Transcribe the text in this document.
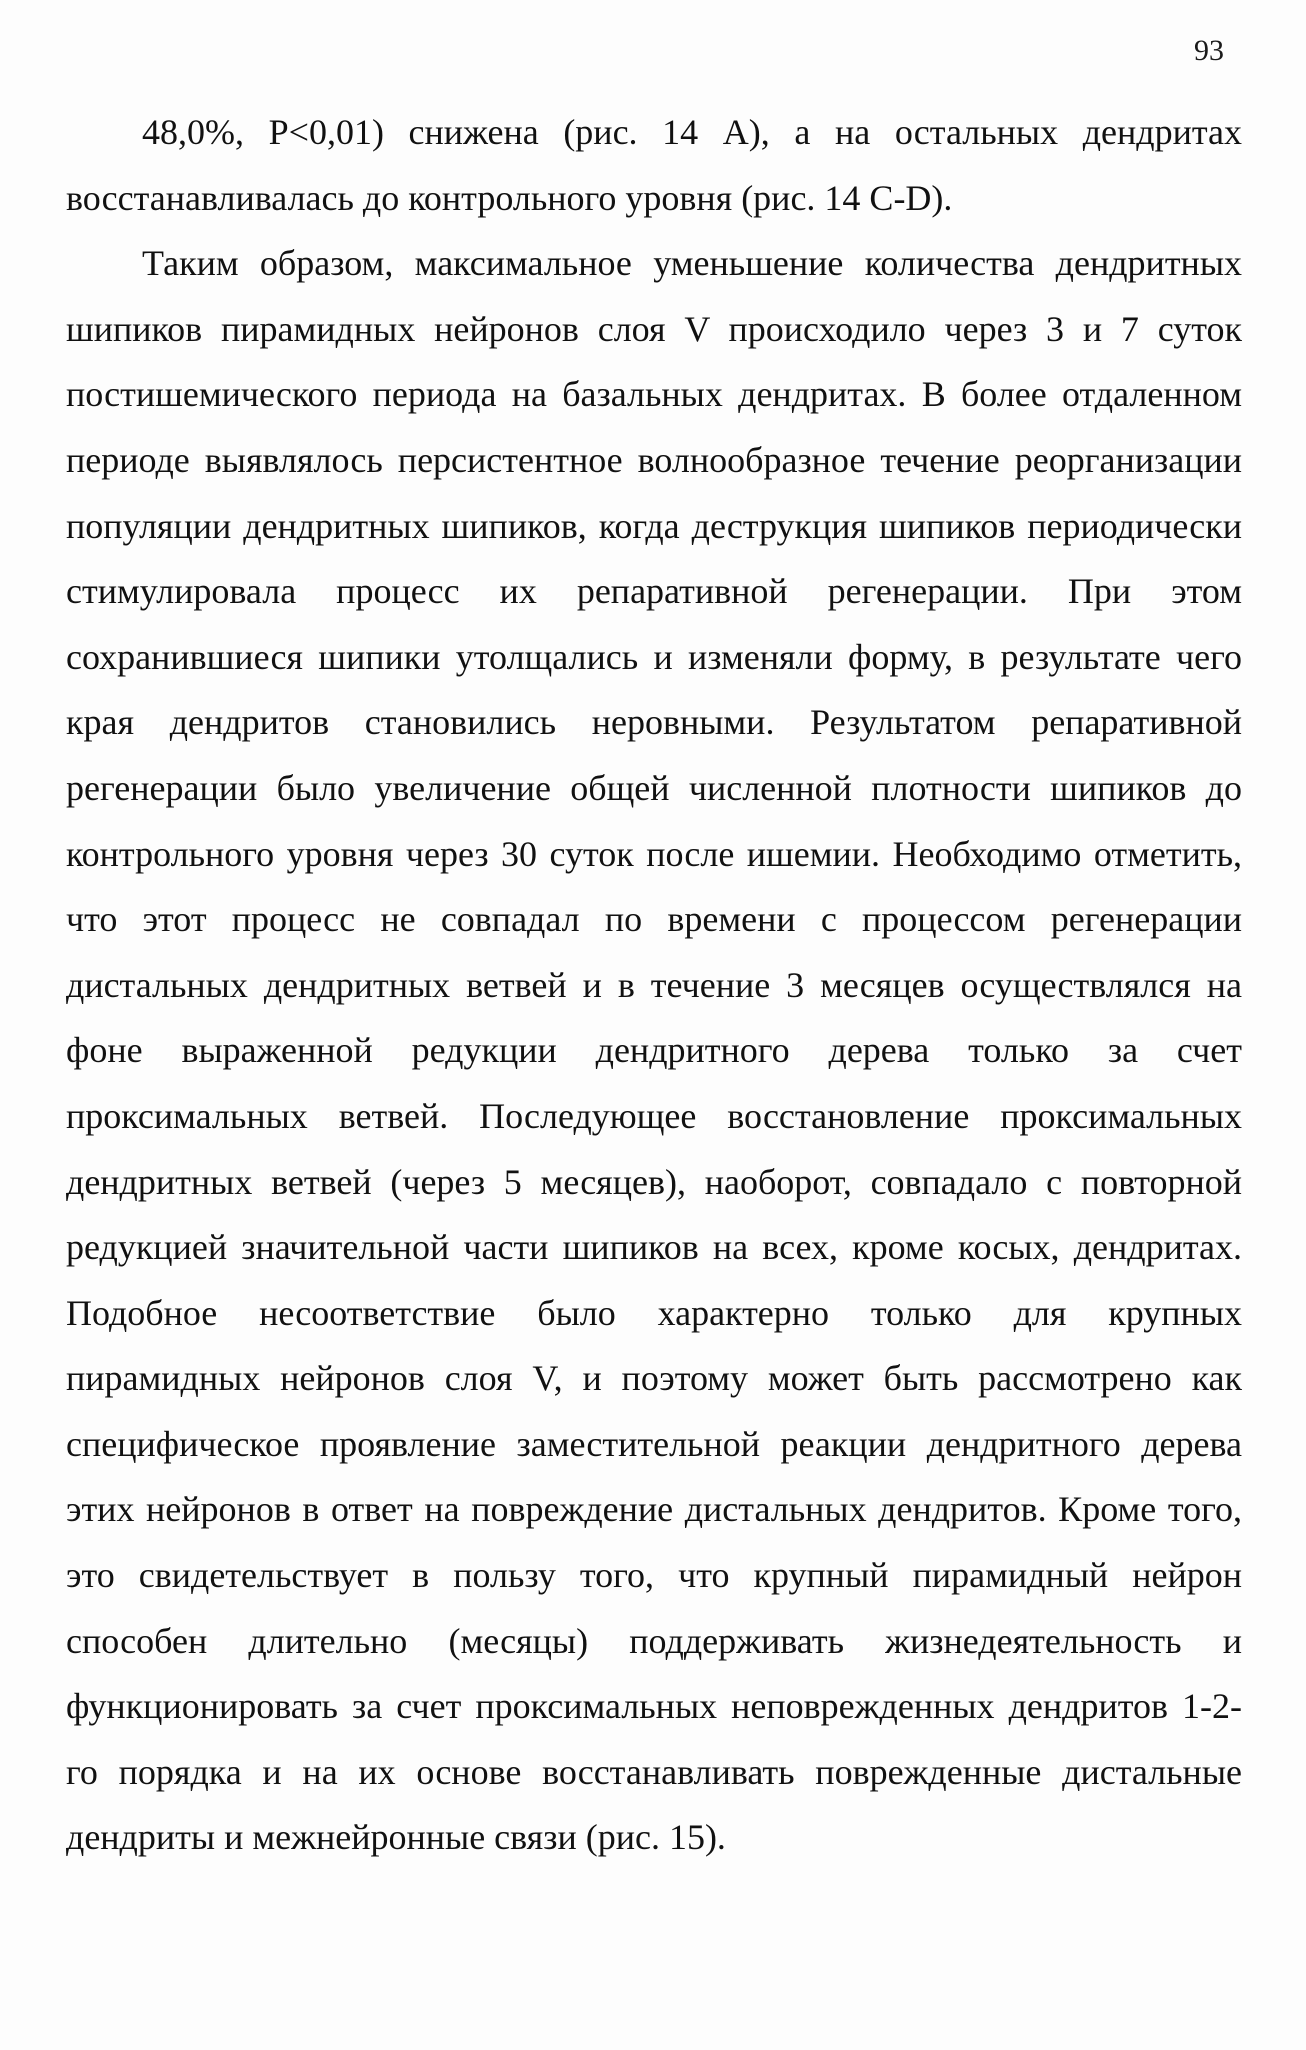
93

48,0%, P<0,01) снижена (рис. 14 А), а на остальных дендритах восстанавливалась до контрольного уровня (рис. 14 С-D).

Таким образом, максимальное уменьшение количества дендритных шипиков пирамидных нейронов слоя V происходило через 3 и 7 суток постишемического периода на базальных дендритах. В более отдаленном периоде выявлялось персистентное волнообразное течение реорганизации популяции дендритных шипиков, когда деструкция шипиков периодически стимулировала процесс их репаративной регенерации. При этом сохранившиеся шипики утолщались и изменяли форму, в результате чего края дендритов становились неровными. Результатом репаративной регенерации было увеличение общей численной плотности шипиков до контрольного уровня через 30 суток после ишемии. Необходимо отметить, что этот процесс не совпадал по времени с процессом регенерации дистальных дендритных ветвей и в течение 3 месяцев осуществлялся на фоне выраженной редукции дендритного дерева только за счет проксимальных ветвей. Последующее восстановление проксимальных дендритных ветвей (через 5 месяцев), наоборот, совпадало с повторной редукцией значительной части шипиков на всех, кроме косых, дендритах. Подобное несоответствие было характерно только для крупных пирамидных нейронов слоя V, и поэтому может быть рассмотрено как специфическое проявление заместительной реакции дендритного дерева этих нейронов в ответ на повреждение дистальных дендритов. Кроме того, это свидетельствует в пользу того, что крупный пирамидный нейрон способен длительно (месяцы) поддерживать жизнедеятельность и функционировать за счет проксимальных неповрежденных дендритов 1-2-го порядка и на их основе восстанавливать поврежденные дистальные дендриты и межнейронные связи (рис. 15).
